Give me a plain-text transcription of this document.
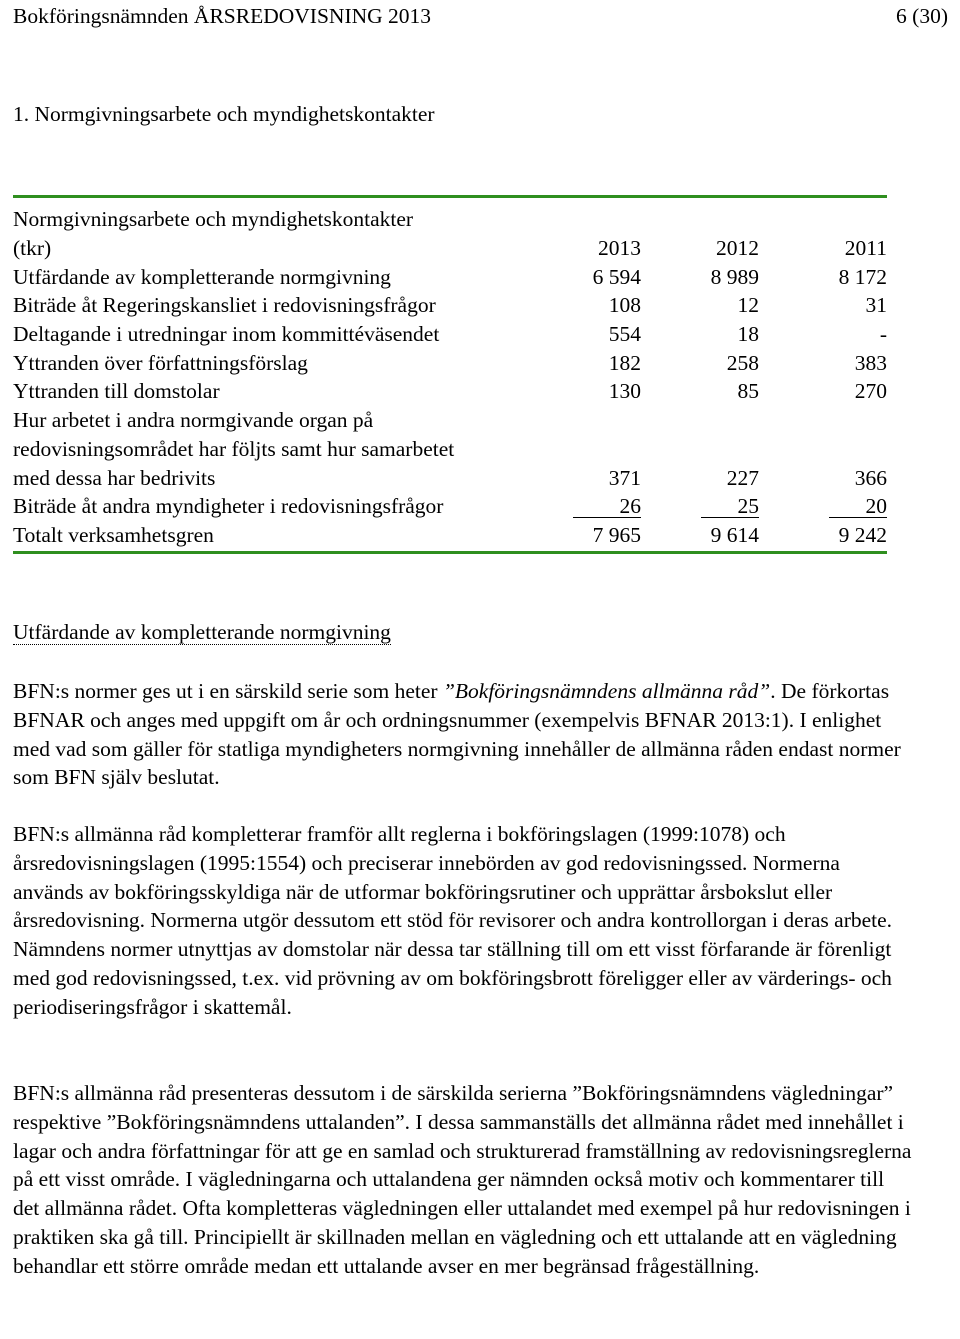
Bokföringsnämnden ÅRSREDOVISNING 2013	6 (30)
1. Normgivningsarbete och myndighetskontakter
Normgivningsarbete och myndighetskontakter
(tkr)	2013	2012	2011
Utfärdande av kompletterande normgivning	6 594	8 989	8 172
Biträde åt Regeringskansliet i redovisningsfrågor	108	12	31
Deltagande i utredningar inom kommittéväsendet	554	18	-
Yttranden över författningsförslag	182	258	383
Yttranden till domstolar	130	85	270
Hur arbetet i andra normgivande organ på redovisningsområdet har följts samt hur samarbetet med dessa har bedrivits	371	227	366
Biträde åt andra myndigheter i redovisningsfrågor	26	25	20
Totalt verksamhetsgren	7 965	9 614	9 242
Utfärdande av kompletterande normgivning
BFN:s normer ges ut i en särskild serie som heter ”Bokföringsnämndens allmänna råd”. De förkortas BFNAR och anges med uppgift om år och ordningsnummer (exempelvis BFNAR 2013:1). I enlighet med vad som gäller för statliga myndigheters normgivning innehåller de allmänna råden endast normer som BFN själv beslutat.
BFN:s allmänna råd kompletterar framför allt reglerna i bokföringslagen (1999:1078) och årsredovisningslagen (1995:1554) och preciserar innebörden av god redovisningssed. Normerna används av bokföringsskyldiga när de utformar bokföringsrutiner och upprättar årsbokslut eller årsredovisning. Normerna utgör dessutom ett stöd för revisorer och andra kontrollorgan i deras arbete. Nämndens normer utnyttjas av domstolar när dessa tar ställning till om ett visst förfarande är förenligt med god redovisningssed, t.ex. vid prövning av om bokföringsbrott föreligger eller av värderings- och periodiseringsfrågor i skattemål.
BFN:s allmänna råd presenteras dessutom i de särskilda serierna ”Bokföringsnämndens vägledningar” respektive ”Bokföringsnämndens uttalanden”. I dessa sammanställs det allmänna rådet med innehållet i lagar och andra författningar för att ge en samlad och strukturerad framställning av redovisningsreglerna på ett visst område. I vägledningarna och uttalandena ger nämnden också motiv och kommentarer till det allmänna rådet. Ofta kompletteras vägledningen eller uttalandet med exempel på hur redovisningen i praktiken ska gå till. Principiellt är skillnaden mellan en vägledning och ett uttalande att en vägledning behandlar ett större område medan ett uttalande avser en mer begränsad frågeställning.
